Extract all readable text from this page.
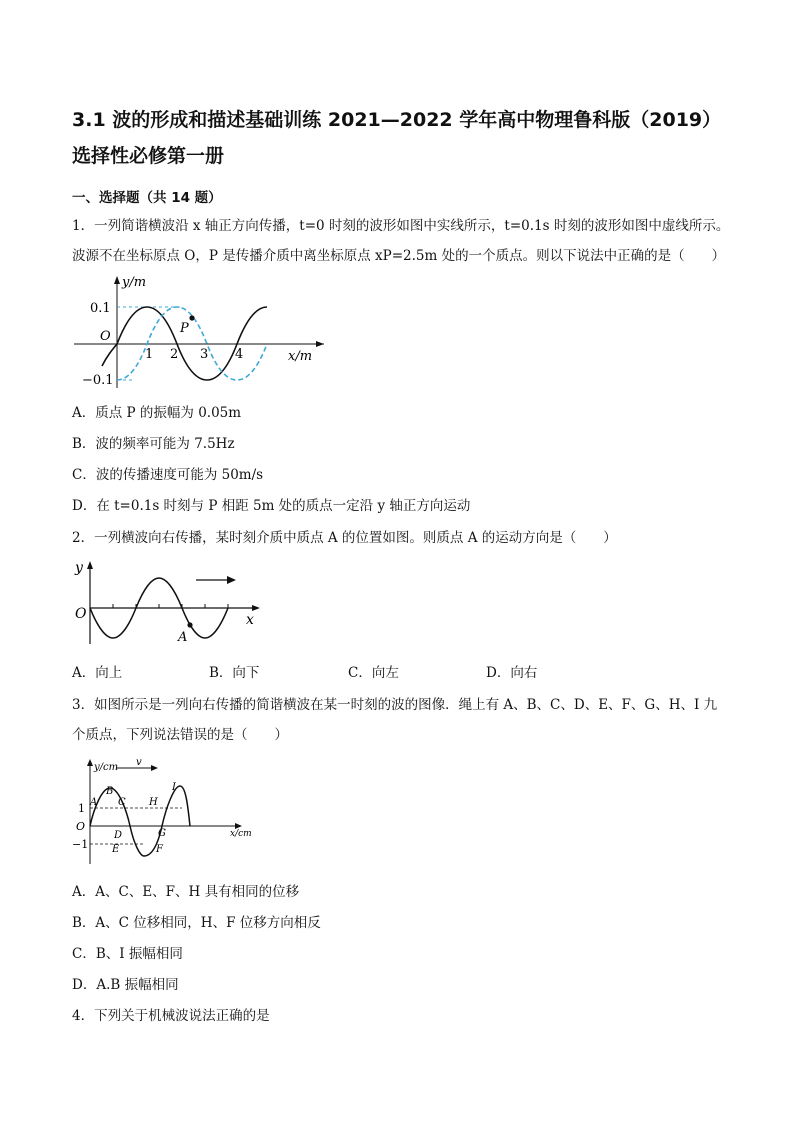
3.1 波的形成和描述基础训练 2021—2022 学年高中物理鲁科版（2019）选择性必修第一册
一、选择题（共 14 题）
1．一列简谐横波沿 x 轴正方向传播，t=0 时刻的波形如图中实线所示，t=0.1s 时刻的波形如图中虚线所示。
波源不在坐标原点 O，P 是传播介质中离坐标原点 xP=2.5m 处的一个质点。则以下说法中正确的是（　　）
y/m
x/m
O
0.1
−0.1
1 2 3 4
P
A．质点 P 的振幅为 0.05m
B．波的频率可能为 7.5Hz
C．波的传播速度可能为 50m/s
D．在 t=0.1s 时刻与 P 相距 5m 处的质点一定沿 y 轴正方向运动
2．一列横波向右传播，某时刻介质中质点 A 的位置如图。则质点 A 的运动方向是（　　）
y
x
O
A
A．向上	B．向下	C．向左	D．向右
3．如图所示是一列向右传播的简谐横波在某一时刻的波的图像．绳上有 A、B、C、D、E、F、G、H、I 九
个质点，下列说法错误的是（　　）
y/cm v
x/cm
O
1
−1
A
B
C
D
E	F
G
H
I
A．A、C、E、F、H 具有相同的位移
B．A、C 位移相同，H、F 位移方向相反
C．B、I 振幅相同
D．A.B 振幅相同
4．下列关于机械波说法正确的是
